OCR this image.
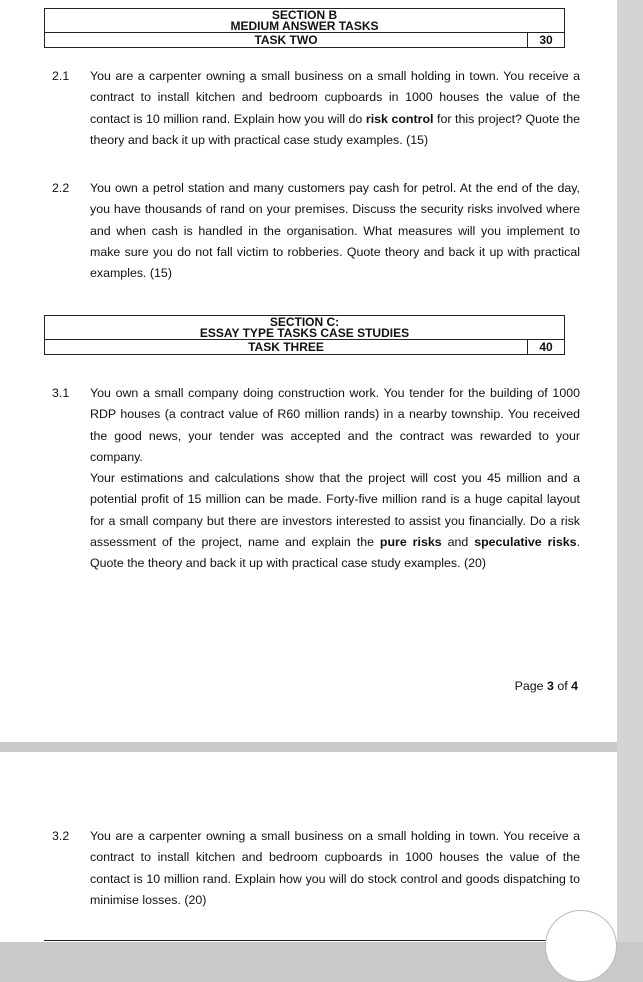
SECTION B
MEDIUM ANSWER TASKS
TASK TWO	30
2.1 You are a carpenter owning a small business on a small holding in town. You receive a contract to install kitchen and bedroom cupboards in 1000 houses the value of the contact is 10 million rand. Explain how you will do risk control for this project? Quote the theory and back it up with practical case study examples. (15)
2.2 You own a petrol station and many customers pay cash for petrol. At the end of the day, you have thousands of rand on your premises. Discuss the security risks involved where and when cash is handled in the organisation. What measures will you implement to make sure you do not fall victim to robberies. Quote theory and back it up with practical examples. (15)
SECTION C:
ESSAY TYPE TASKS CASE STUDIES
TASK THREE	40
3.1 You own a small company doing construction work. You tender for the building of 1000 RDP houses (a contract value of R60 million rands) in a nearby township. You received the good news, your tender was accepted and the contract was rewarded to your company.

Your estimations and calculations show that the project will cost you 45 million and a potential profit of 15 million can be made. Forty-five million rand is a huge capital layout for a small company but there are investors interested to assist you financially. Do a risk assessment of the project, name and explain the pure risks and speculative risks. Quote the theory and back it up with practical case study examples. (20)

Page 3 of 4
3.2 You are a carpenter owning a small business on a small holding in town. You receive a contract to install kitchen and bedroom cupboards in 1000 houses the value of the contact is 10 million rand. Explain how you will do stock control and goods dispatching to minimise losses. (20)
